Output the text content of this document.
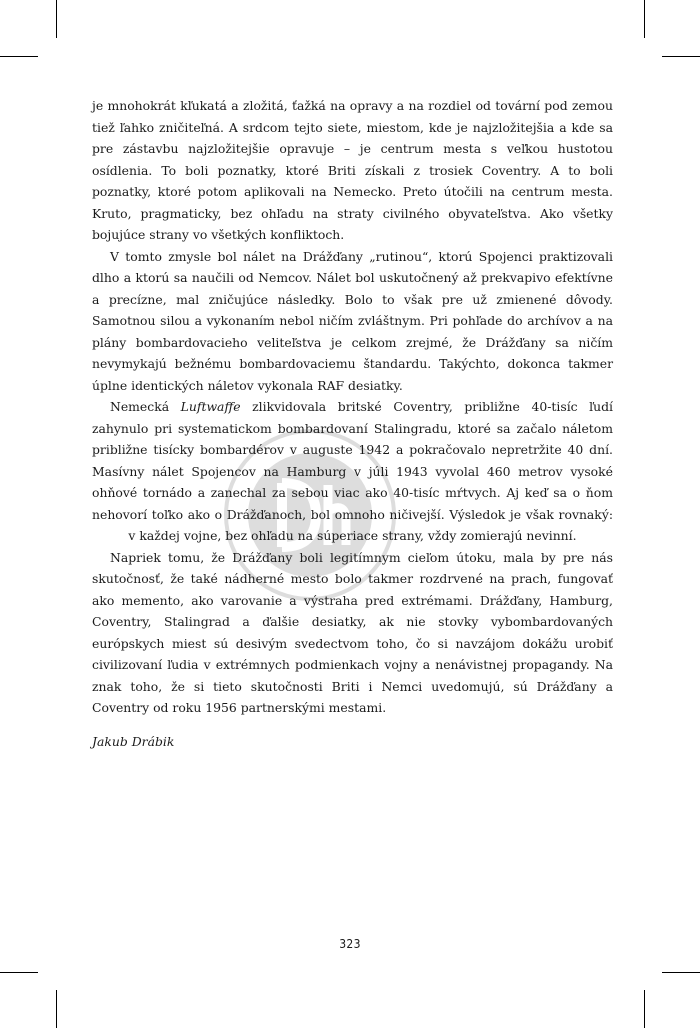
je mnohokrát kľukatá a zložitá, ťažká na opravy a na rozdiel od tovární pod zemou tiež ľahko zničiteľná. A srdcom tejto siete, miestom, kde je najzložitejšia a kde sa pre zástavbu najzložitejšie opravuje – je centrum mesta s veľkou hustotou osídlenia. To boli poznatky, ktoré Briti získali z trosiek Coventry. A to boli poznatky, ktoré potom aplikovali na Nemecko. Preto útočili na centrum mesta. Kruto, pragmaticky, bez ohľadu na straty civilného obyvateľstva. Ako všetky bojujúce strany vo všetkých konfliktoch.

V tomto zmysle bol nálet na Drážďany „rutinou“, ktorú Spojenci praktizovali dlho a ktorú sa naučili od Nemcov. Nálet bol uskutočnený až prekvapivo efektívne a precízne, mal zničujúce následky. Bolo to však pre už zmienené dôvody. Samotnou silou a vykonaním nebol ničím zvláštnym. Pri pohľade do archívov a na plány bombardovacieho veliteľstva je celkom zrejmé, že Drážďany sa ničím nevymykajú bežnému bombardovaciemu štandardu. Takýchto, dokonca takmer úplne identických náletov vykonala RAF desiatky.

Nemecká Luftwaffe zlikvidovala britské Coventry, približne 40-tisíc ľudí zahynulo pri systematickom bombardovaní Stalingradu, ktoré sa začalo náletom približne tisícky bombardérov v auguste 1942 a pokračovalo nepretržite 40 dní. Masívny nálet Spojencov na Hamburg v júli 1943 vyvolal 460 metrov vysoké ohňové tornádo a zanechal za sebou viac ako 40-tisíc mŕtvych. Aj keď sa o ňom nehovorí toľko ako o Drážďanoch, bol omnoho ničivejší. Výsledok je však rovnaký: v každej vojne, bez ohľadu na súperiace strany, vždy zomierajú nevinní.

Napriek tomu, že Drážďany boli legitímnym cieľom útoku, mala by pre nás skutočnosť, že také nádherné mesto bolo takmer rozdrvené na prach, fungovať ako memento, ako varovanie a výstraha pred extrémami. Drážďany, Hamburg, Coventry, Stalingrad a ďalšie desiatky, ak nie stovky vybombardovaných európskych miest sú desivým svedectvom toho, čo si navzájom dokážu urobiť civilizovaní ľudia v extrémnych podmienkach vojny a nenávistnej propagandy. Na znak toho, že si tieto skutočnosti Briti i Nemci uvedomujú, sú Drážďany a Coventry od roku 1956 partnerskými mestami.

Jakub Drábik

323
